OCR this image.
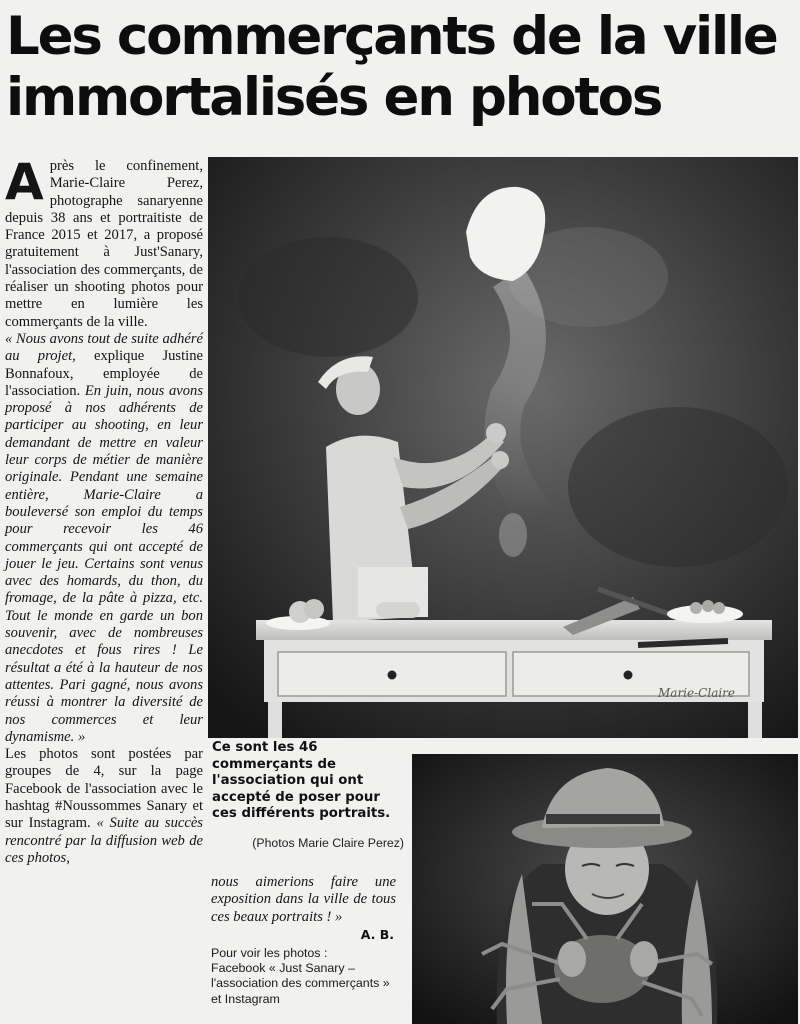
Les commerçants de la ville
immortalisés en photos

Après le confinement, Marie-Claire Perez, photographe sanaryenne depuis 38 ans et portraitiste de France 2015 et 2017, a proposé gratuitement à Just'Sanary, l'association des commerçants, de réaliser un shooting photos pour mettre en lumière les commerçants de la ville.

« Nous avons tout de suite adhéré au projet, explique Justine Bonnafoux, employée de l'association. En juin, nous avons proposé à nos adhérents de participer au shooting, en leur demandant de mettre en valeur leur corps de métier de manière originale. Pendant une semaine entière, Marie-Claire a bouleversé son emploi du temps pour recevoir les 46 commerçants qui ont accepté de jouer le jeu. Certains sont venus avec des homards, du thon, du fromage, de la pâte à pizza, etc. Tout le monde en garde un bon souvenir, avec de nombreuses anecdotes et fous rires ! Le résultat a été à la hauteur de nos attentes. Pari gagné, nous avons réussi à montrer la diversité de nos commerces et leur dynamisme. »

Les photos sont postées par groupes de 4, sur la page Facebook de l'association avec le hashtag #Noussommes Sanary et sur Instagram. « Suite au succès rencontré par la diffusion web de ces photos,

Marie-Claire
Ce sont les 46 commerçants de l'association qui ont accepté de poser pour ces différents portraits.
(Photos Marie Claire Perez)
nous aimerions faire une exposition dans la ville de tous ces beaux portraits ! »
A. B.
Pour voir les photos :
Facebook « Just Sanary –
l'association des commerçants »
et Instagram
